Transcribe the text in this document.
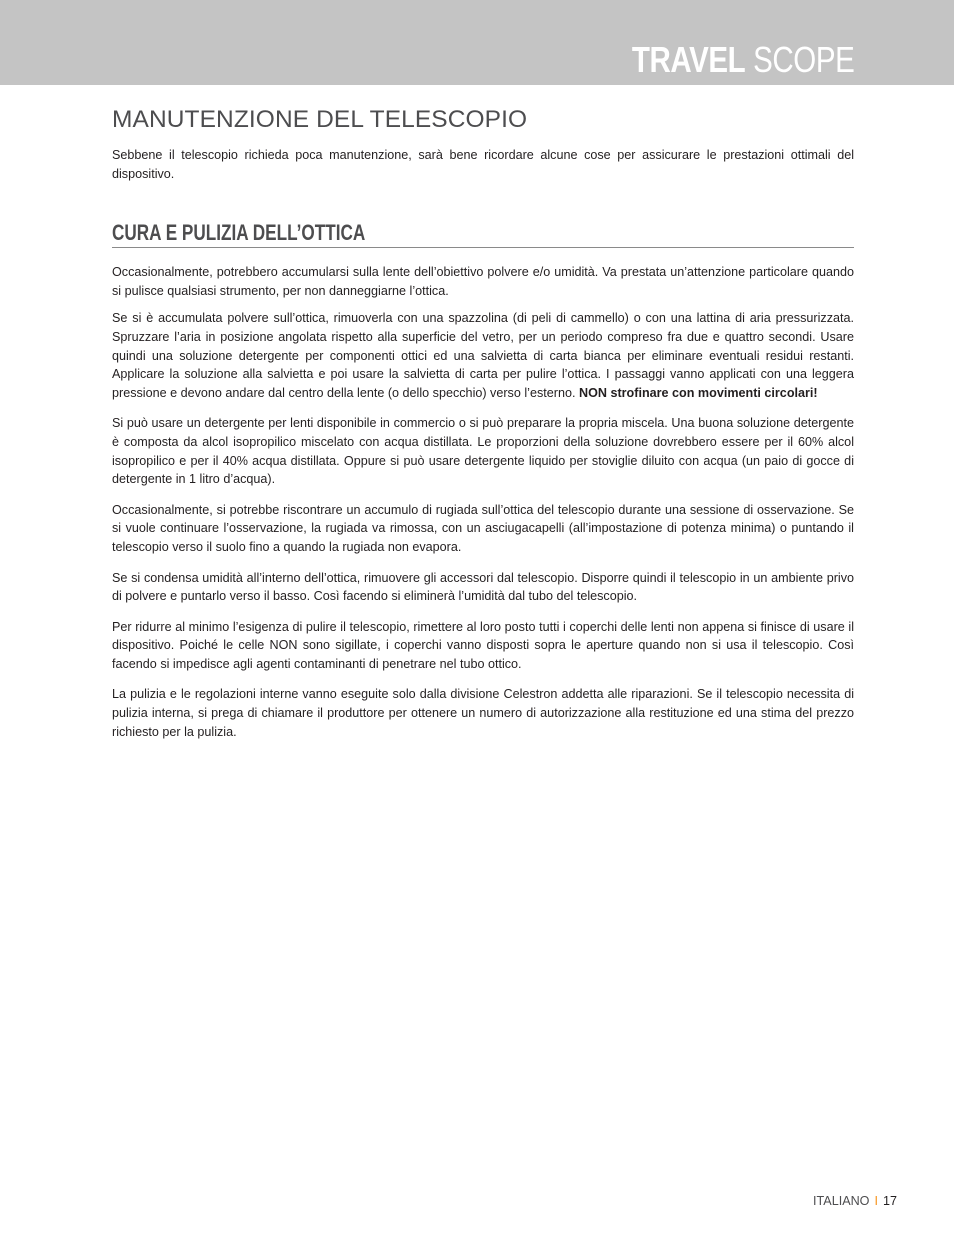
TRAVEL SCOPE
MANUTENZIONE DEL TELESCOPIO

Sebbene il telescopio richieda poca manutenzione, sarà bene ricordare alcune cose per assicurare le prestazioni ottimali del dispositivo.

CURA E PULIZIA DELL’OTTICA

Occasionalmente, potrebbero accumularsi sulla lente dell’obiettivo polvere e/o umidità. Va prestata un’attenzione particolare quando si pulisce qualsiasi strumento, per non danneggiarne l’ottica.

Se si è accumulata polvere sull’ottica, rimuoverla con una spazzolina (di peli di cammello) o con una lattina di aria pressurizzata. Spruzzare l’aria in posizione angolata rispetto alla superficie del vetro, per un periodo compreso fra due e quattro secondi. Usare quindi una soluzione detergente per componenti ottici ed una salvietta di carta bianca per eliminare eventuali residui restanti. Applicare la soluzione alla salvietta e poi usare la salvietta di carta per pulire l’ottica. I passaggi vanno applicati con una leggera pressione e devono andare dal centro della lente (o dello specchio) verso l’esterno. NON strofinare con movimenti circolari!

Si può usare un detergente per lenti disponibile in commercio o si può preparare la propria miscela. Una buona soluzione detergente è composta da alcol isopropilico miscelato con acqua distillata. Le proporzioni della soluzione dovrebbero essere per il 60% alcol isopropilico e per il 40% acqua distillata. Oppure si può usare detergente liquido per stoviglie diluito con acqua (un paio di gocce di detergente in 1 litro d’acqua).

Occasionalmente, si potrebbe riscontrare un accumulo di rugiada sull’ottica del telescopio durante una sessione di osservazione. Se si vuole continuare l’osservazione, la rugiada va rimossa, con un asciugacapelli (all’impostazione di potenza minima) o puntando il telescopio verso il suolo fino a quando la rugiada non evapora.

Se si condensa umidità all’interno dell’ottica, rimuovere gli accessori dal telescopio. Disporre quindi il telescopio in un ambiente privo di polvere e puntarlo verso il basso. Così facendo si eliminerà l’umidità dal tubo del telescopio.

Per ridurre al minimo l’esigenza di pulire il telescopio, rimettere al loro posto tutti i coperchi delle lenti non appena si finisce di usare il dispositivo. Poiché le celle NON sono sigillate, i coperchi vanno disposti sopra le aperture quando non si usa il telescopio. Così facendo si impedisce agli agenti contaminanti di penetrare nel tubo ottico.

La pulizia e le regolazioni interne vanno eseguite solo dalla divisione Celestron addetta alle riparazioni. Se il telescopio necessita di pulizia interna, si prega di chiamare il produttore per ottenere un numero di autorizzazione alla restituzione ed una stima del prezzo richiesto per la pulizia.

ITALIANO I 17
